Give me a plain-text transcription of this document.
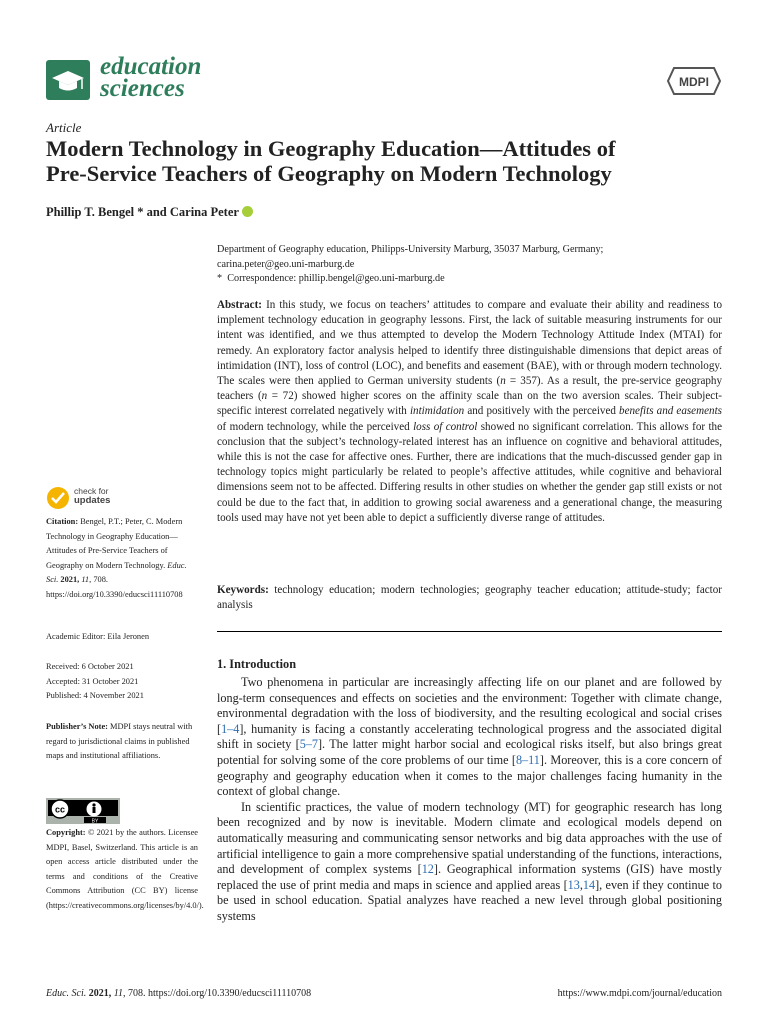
education
sciences	MDPI
Article
Modern Technology in Geography Education—Attitudes of
Pre-Service Teachers of Geography on Modern Technology
Phillip T. Bengel * and Carina Peter
Department of Geography education, Philipps-University Marburg, 35037 Marburg, Germany;
carina.peter@geo.uni-marburg.de
* Correspondence: phillip.bengel@geo.uni-marburg.de
Abstract: In this study, we focus on teachers’ attitudes to compare and evaluate their ability and readiness to implement technology education in geography lessons. First, the lack of suitable measuring instruments for our intent was identified, and we thus attempted to develop the Modern Technology Attitude Index (MTAI) for remedy. An exploratory factor analysis helped to identify three distinguishable dimensions that depict areas of intimidation (INT), loss of control (LOC), and benefits and easement (BAE), with or through modern technology. The scales were then applied to German university students (n = 357). As a result, the pre-service geography teachers (n = 72) showed higher scores on the affinity scale than on the two aversion scales. Their subject-specific interest correlated negatively with intimidation and positively with the perceived benefits and easements of modern technology, while the perceived loss of control showed no significant correlation. This allows for the conclusion that the subject’s technology-related interest has an influence on cognitive and behavioral attitudes, while this is not the case for affective ones. Further, there are indications that the much-discussed gender gap in technology topics might particularly be related to people’s affective attitudes, while cognitive and behavioral dimensions seem not to be affected. Differing results in other studies on whether the gender gap still exists or not could be due to the fact that, in addition to growing social awareness and a generational change, the measuring tools used may have not yet been able to depict a sufficiently diverse range of attitudes.
Keywords: technology education; modern technologies; geography teacher education; attitude-study; factor analysis
check for
updates
Citation: Bengel, P.T.; Peter, C. Modern Technology in Geography Education—Attitudes of Pre-Service Teachers of Geography on Modern Technology. Educ. Sci. 2021, 11, 708. https://doi.org/10.3390/educsci11110708
Academic Editor: Eila Jeronen
Received: 6 October 2021
Accepted: 31 October 2021
Published: 4 November 2021
Publisher’s Note: MDPI stays neutral with regard to jurisdictional claims in published maps and institutional affiliations.
cc
BY
Copyright: © 2021 by the authors. Licensee MDPI, Basel, Switzerland. This article is an open access article distributed under the terms and conditions of the Creative Commons Attribution (CC BY) license (https://creativecommons.org/licenses/by/4.0/).
1. Introduction

Two phenomena in particular are increasingly affecting life on our planet and are followed by long-term consequences and effects on societies and the environment: Together with climate change, environmental degradation with the loss of biodiversity, and the resulting ecological and social crises [1–4], humanity is facing a constantly accelerating technological progress and the associated digital shift in society [5–7]. The latter might harbor social and ecological risks itself, but also brings great potential for solving some of the core problems of our time [8–11]. Moreover, this is a core concern of geography and geography education when it comes to the major challenges facing humanity in the context of global change.

In scientific practices, the value of modern technology (MT) for geographic research has long been recognized and by now is inevitable. Modern climate and ecological models depend on automatically measuring and communicating sensor networks and big data approaches with the use of artificial intelligence to gain a more comprehensive spatial understanding of the functions, interactions, and development of complex systems [12]. Geographical information systems (GIS) have mostly replaced the use of print media and maps in science and applied areas [13,14], even if they continue to be used in school education. Spatial analyzes have reached a new level through global positioning systems

Educ. Sci. 2021, 11, 708. https://doi.org/10.3390/educsci11110708	https://www.mdpi.com/journal/education
